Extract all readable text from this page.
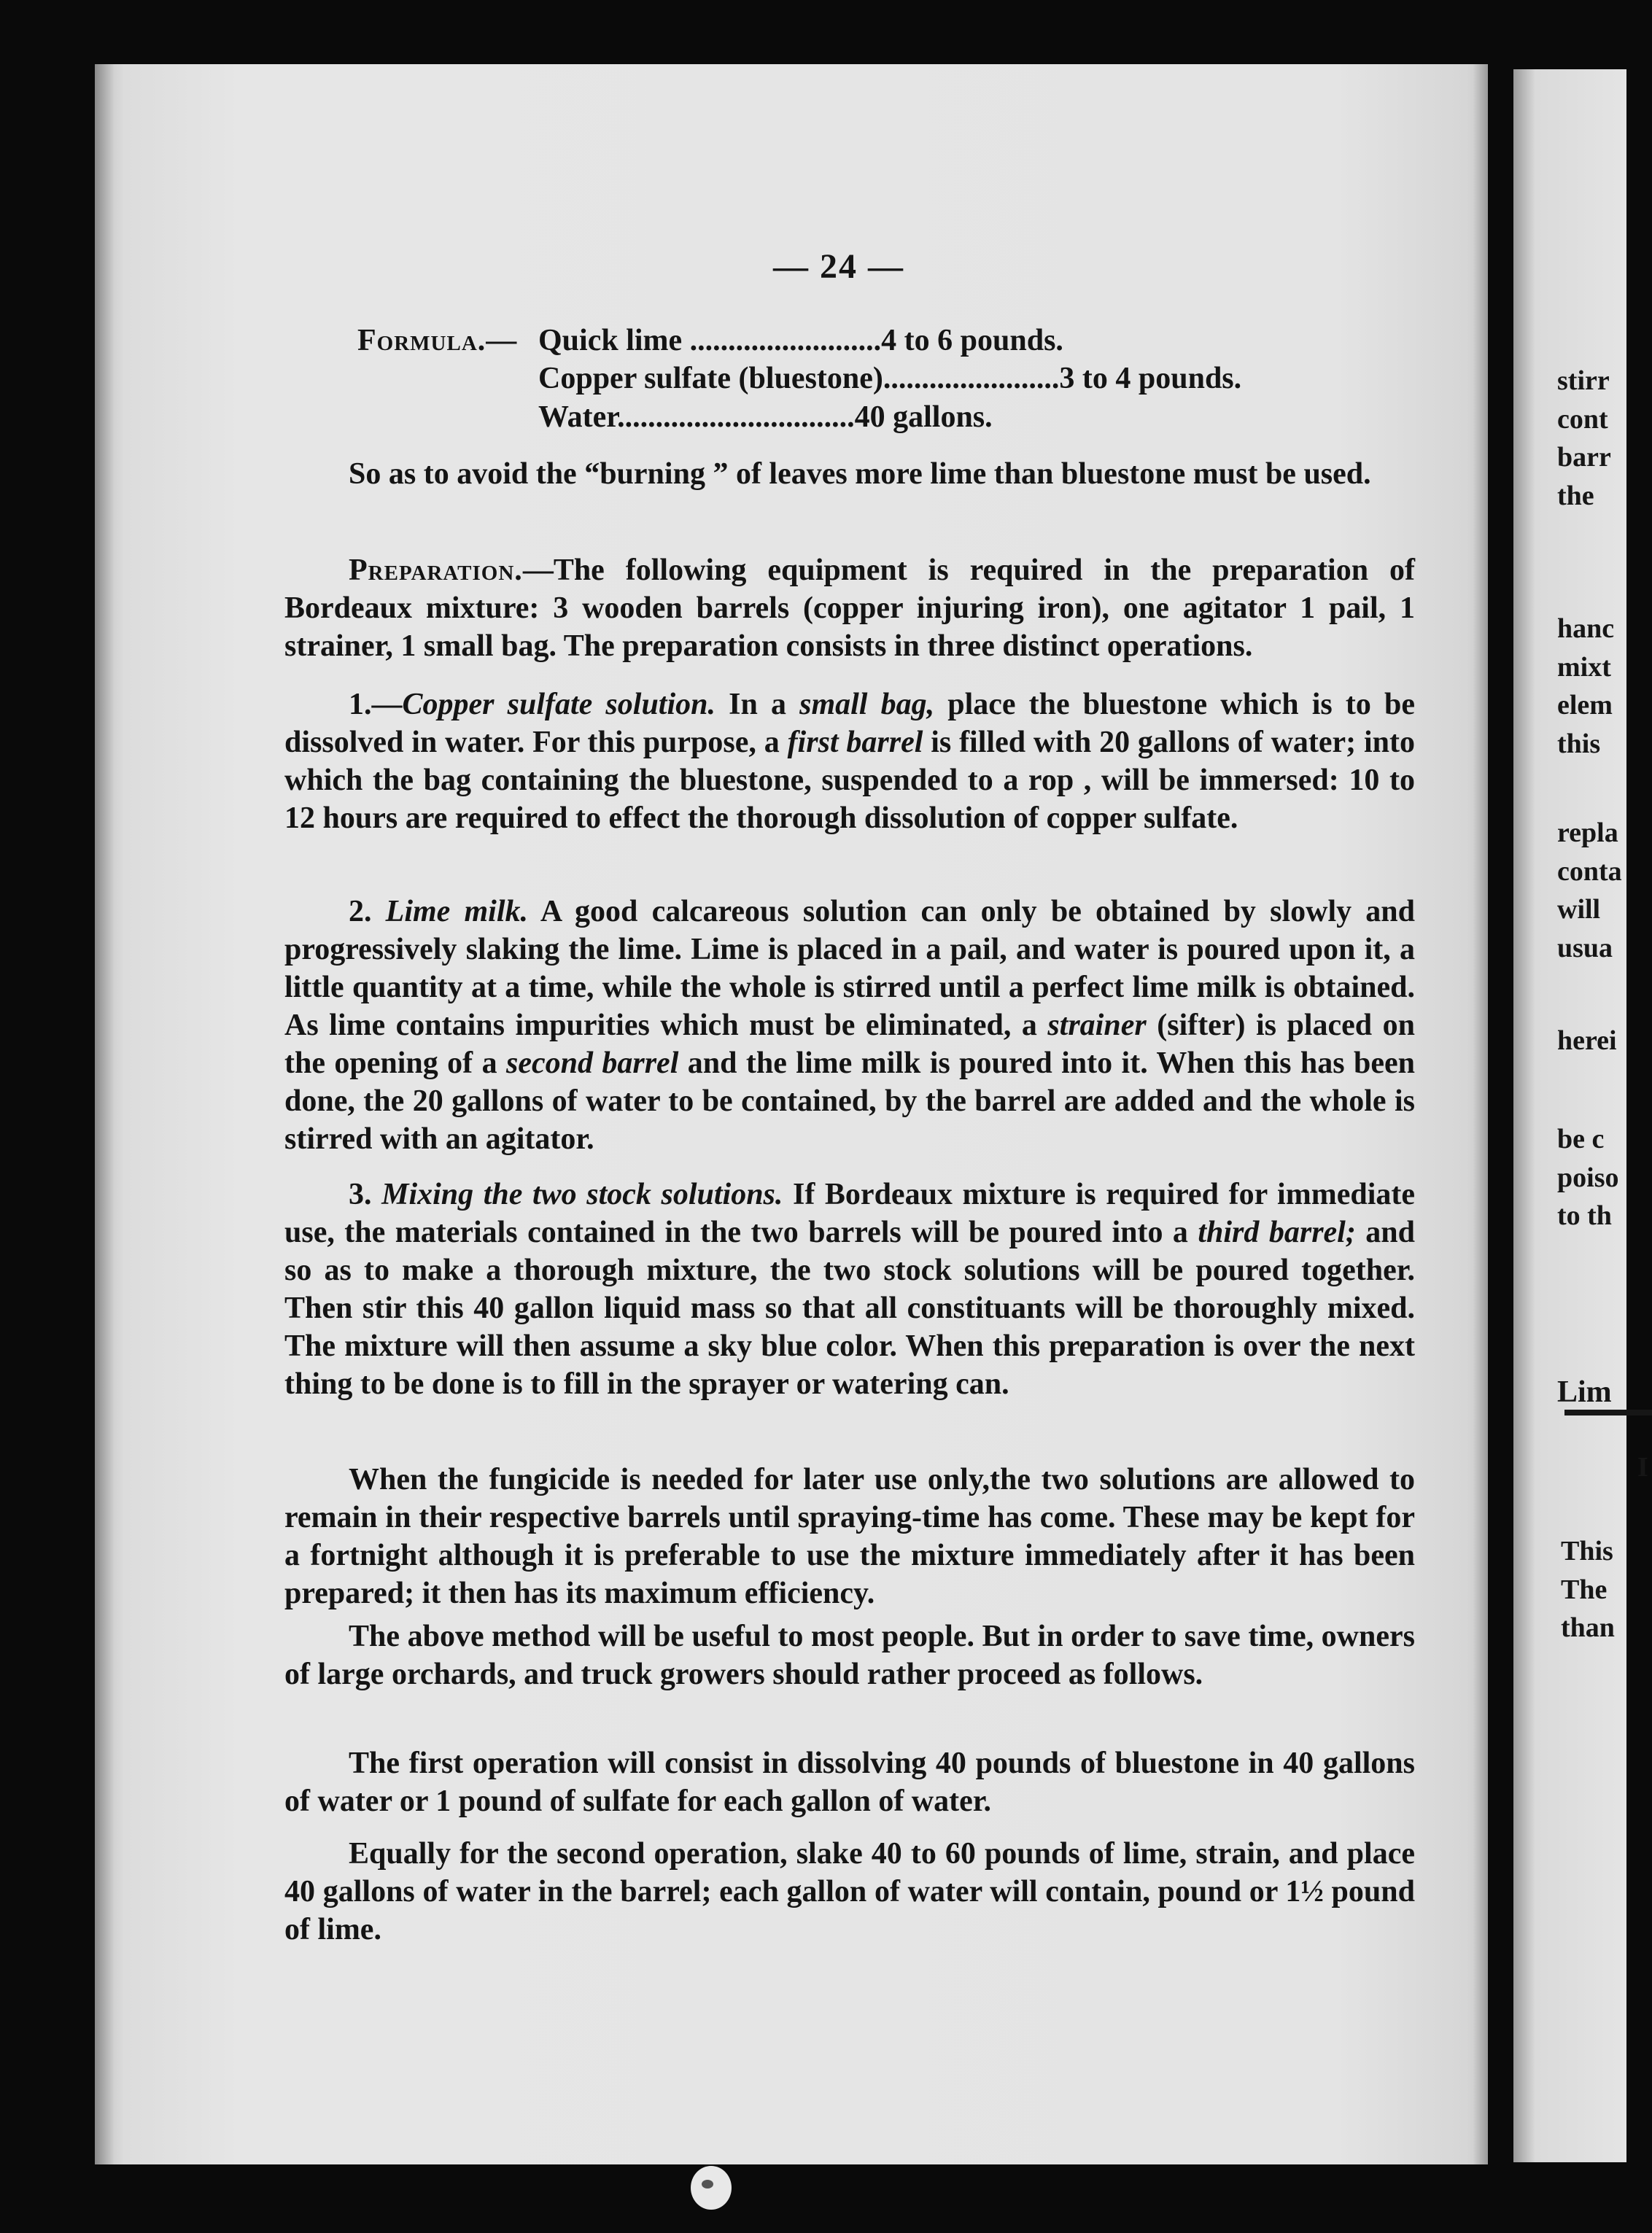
stirr
cont
barr
the
hanc
mixt
elem
this
repla
conta
will
usua
herei
be c
poiso
to th
Lim
I
This
The
than
— 24 —
Formula.— Quick lime .........................4 to 6 pounds.
Copper sulfate (bluestone).......................3 to 4 pounds.
Water...............................40 gallons.

So as to avoid the “burning ” of leaves more lime than bluestone must be used.

Preparation.—The following equipment is required in the preparation of Bordeaux mixture: 3 wooden barrels (copper injuring iron), one agitator 1 pail, 1 strainer, 1 small bag. The preparation consists in three distinct operations.

1.—Copper sulfate solution. In a small bag, place the bluestone which is to be dissolved in water. For this purpose, a first barrel is filled with 20 gallons of water; into which the bag containing the bluestone, suspended to a rop , will be immersed: 10 to 12 hours are required to effect the thorough dissolution of copper sulfate.

2. Lime milk. A good calcareous solution can only be obtained by slowly and progressively slaking the lime. Lime is placed in a pail, and water is poured upon it, a little quantity at a time, while the whole is stirred until a perfect lime milk is obtained. As lime contains impurities which must be eliminated, a strainer (sifter) is placed on the opening of a second barrel and the lime milk is poured into it. When this has been done, the 20 gallons of water to be contained, by the barrel are added and the whole is stirred with an agitator.

3. Mixing the two stock solutions. If Bordeaux mixture is required for immediate use, the materials contained in the two barrels will be poured into a third barrel; and so as to make a thorough mixture, the two stock solutions will be poured together. Then stir this 40 gallon liquid mass so that all constituants will be thoroughly mixed. The mixture will then assume a sky blue color. When this preparation is over the next thing to be done is to fill in the sprayer or watering can.

When the fungicide is needed for later use only,the two solutions are allowed to remain in their respective barrels until spraying-time has come. These may be kept for a fortnight although it is preferable to use the mixture immediately after it has been prepared; it then has its maximum efficiency.

The above method will be useful to most people. But in order to save time, owners of large orchards, and truck growers should rather proceed as follows.

The first operation will consist in dissolving 40 pounds of bluestone in 40 gallons of water or 1 pound of sulfate for each gallon of water.

Equally for the second operation, slake 40 to 60 pounds of lime, strain, and place 40 gallons of water in the barrel; each gallon of water will contain, pound or 1½ pound of lime.
